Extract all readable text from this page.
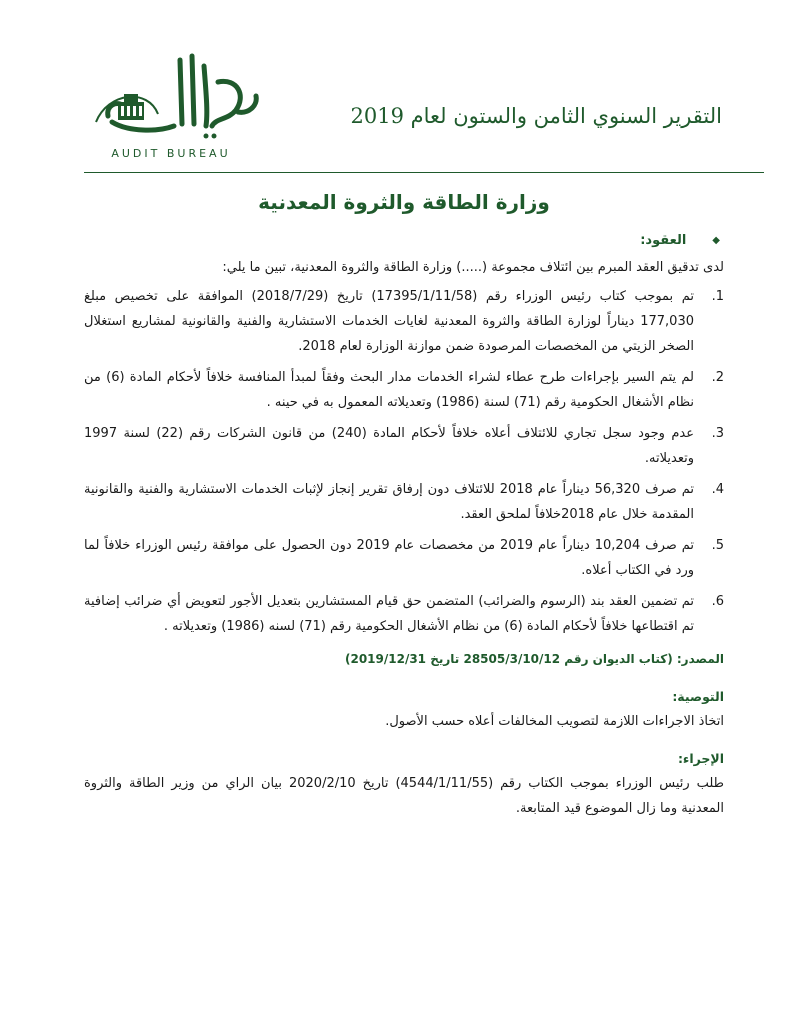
AUDIT BUREAU
التقرير السنوي الثامن والستون لعام 2019
وزارة الطاقة والثروة المعدنية
◆
العقود:
لدى تدقيق العقد المبرم بين ائتلاف مجموعة (.....) وزارة الطاقة والثروة المعدنية، تبين ما يلي:
1.
تم بموجب كتاب رئيس الوزراء رقم (17395/1/11/58) تاريخ (2018/7/29) الموافقة على تخصيص مبلغ 177,030 ديناراً لوزارة الطاقة والثروة المعدنية لغايات الخدمات الاستشارية والفنية والقانونية لمشاريع استغلال الصخر الزيتي من المخصصات المرصودة ضمن موازنة الوزارة لعام 2018.
2.
لم يتم السير بإجراءات طرح عطاء لشراء الخدمات مدار البحث وفقاً لمبدأ المنافسة خلافاً لأحكام المادة (6) من نظام الأشغال الحكومية رقم (71) لسنة (1986) وتعديلاته المعمول به في حينه .
3.
عدم وجود سجل تجاري للائتلاف أعلاه خلافاً لأحكام المادة (240) من قانون الشركات رقم (22) لسنة 1997 وتعديلاته.
4.
تم صرف 56,320 ديناراً عام 2018 للائتلاف دون إرفاق تقرير إنجاز لإثبات الخدمات الاستشارية والفنية والقانونية المقدمة خلال عام 2018خلافاً لملحق العقد.
5.
تم صرف 10,204 ديناراً عام 2019 من مخصصات عام 2019 دون الحصول على موافقة رئيس الوزراء خلافاً لما ورد في الكتاب أعلاه.
6.
تم تضمين العقد بند (الرسوم والضرائب) المتضمن حق قيام المستشارين بتعديل الأجور لتعويض أي ضرائب إضافية تم اقتطاعها خلافاً لأحكام المادة (6) من نظام الأشغال الحكومية رقم (71) لسنه (1986) وتعديلاته .
المصدر: (كتاب الديوان رقم 28505/3/10/12 تاريخ 2019/12/31)
التوصية:
اتخاذ الاجراءات اللازمة لتصويب المخالفات أعلاه حسب الأصول.
الإجراء:
طلب رئيس الوزراء بموجب الكتاب رقم (4544/1/11/55) تاريخ 2020/2/10 بيان الراي من وزير الطاقة والثروة المعدنية وما زال الموضوع قيد المتابعة.
